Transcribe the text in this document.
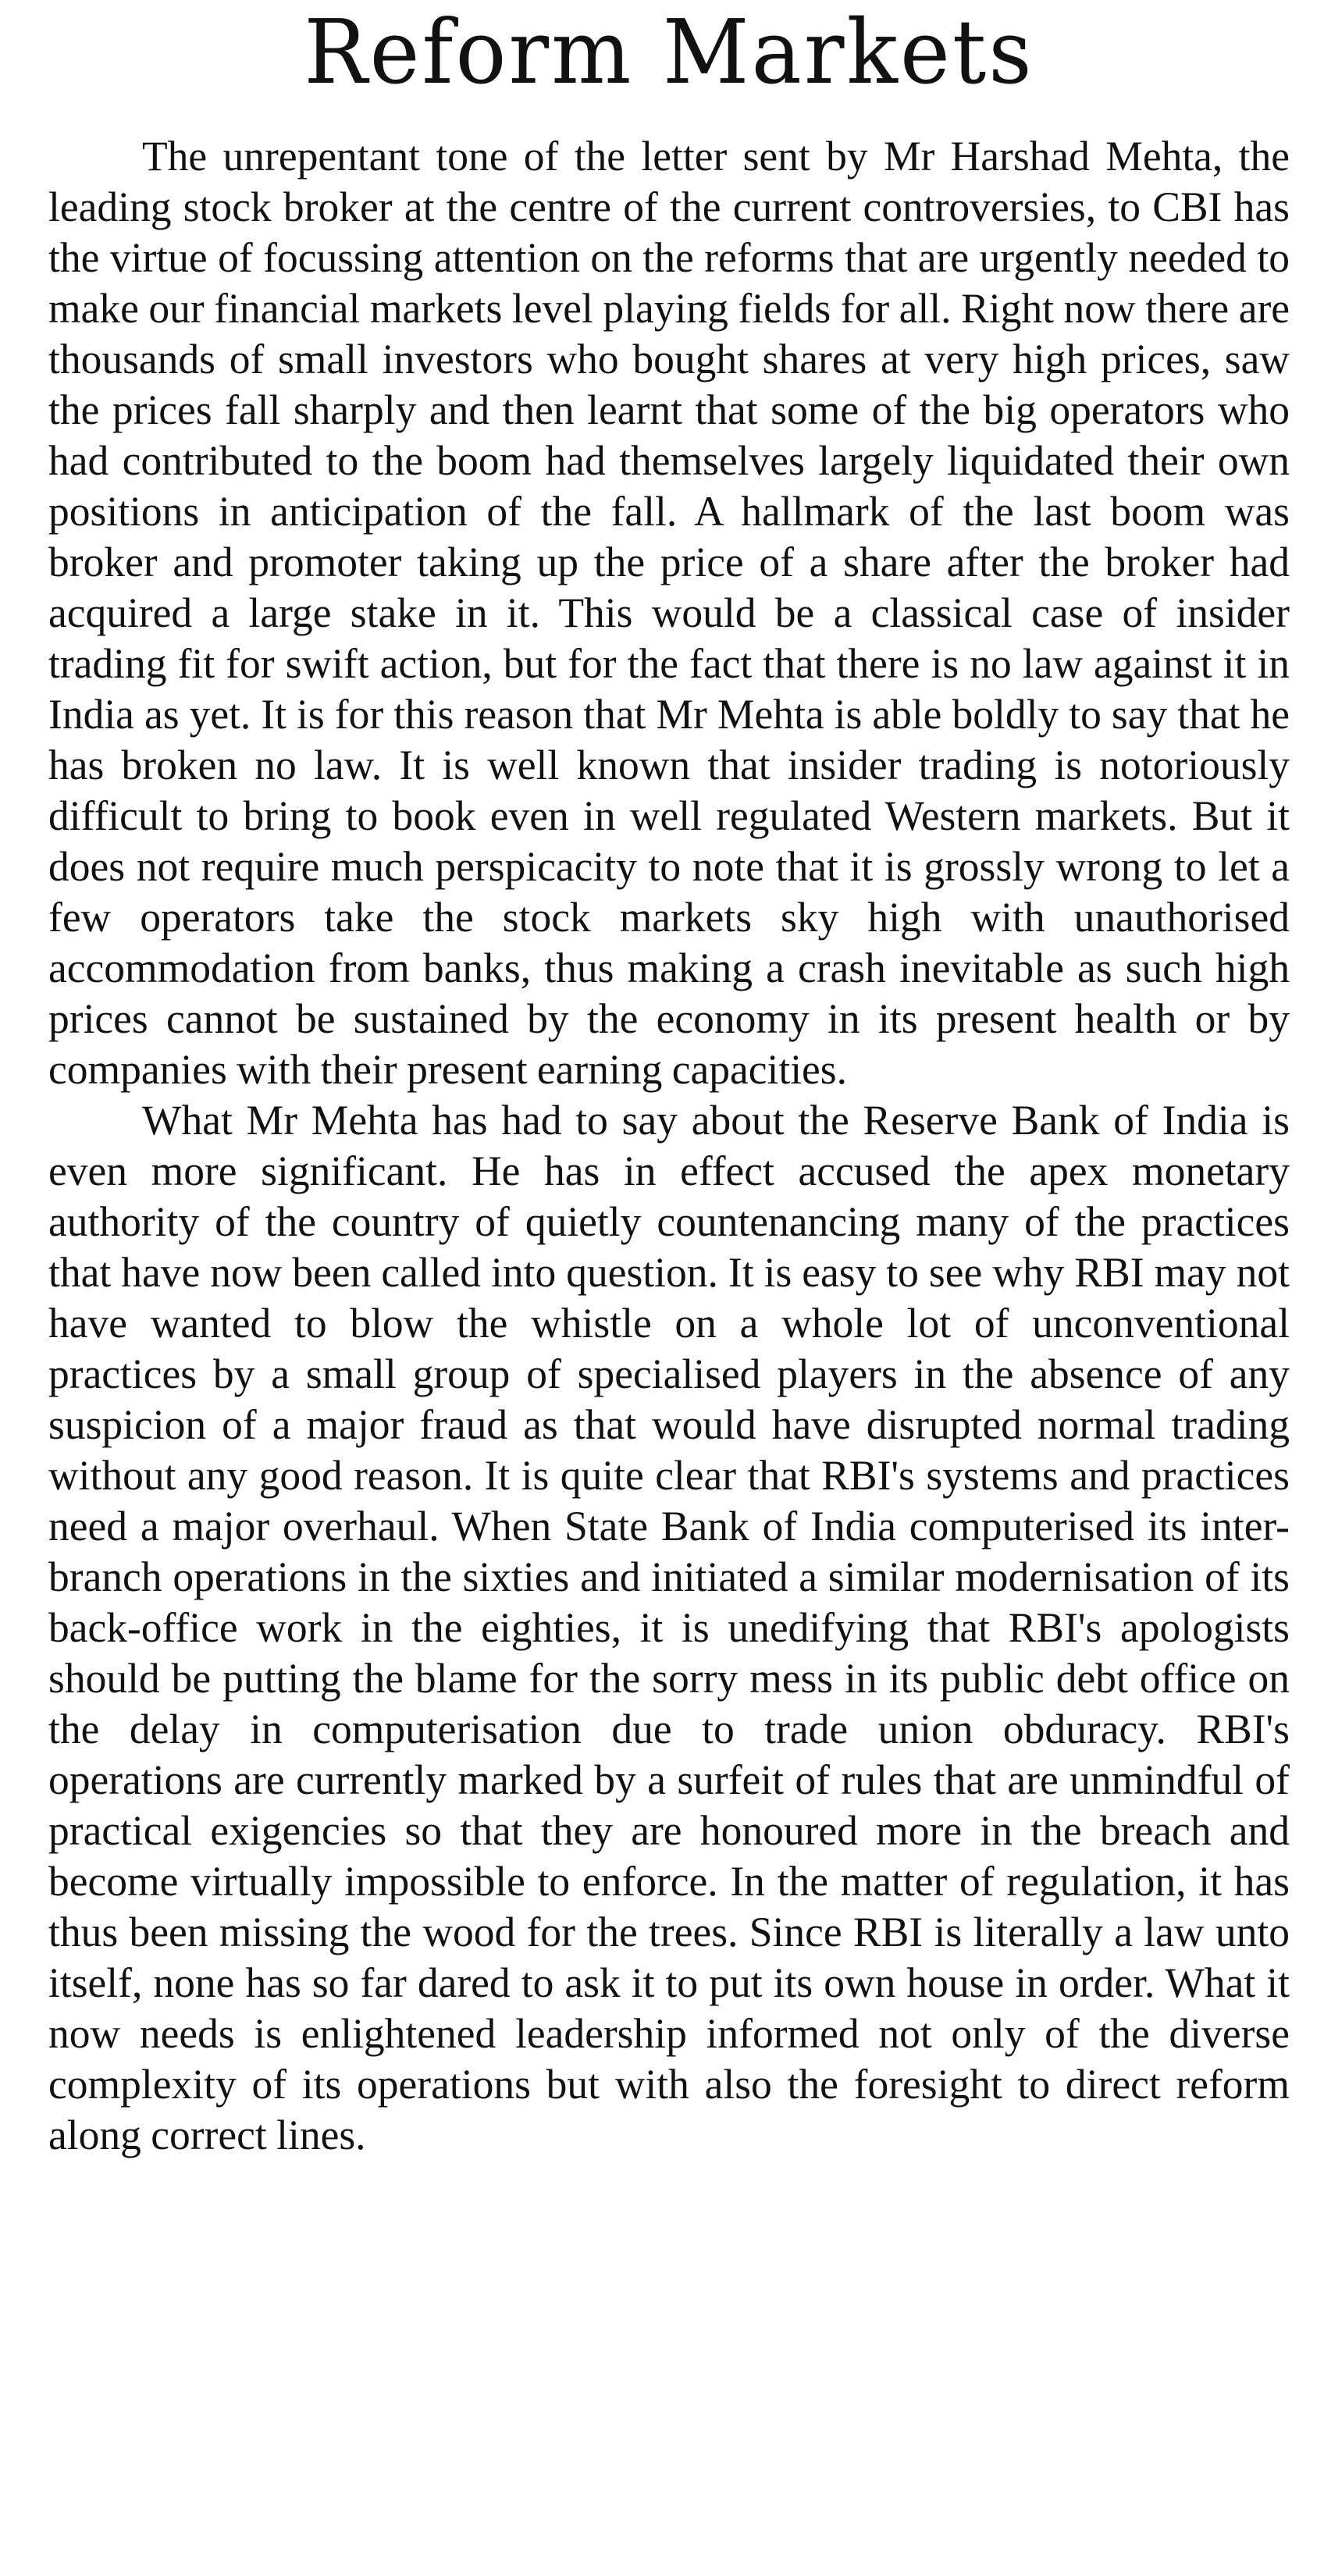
Reform Markets

The unrepentant tone of the letter sent by Mr Harshad Mehta, the leading stock broker at the centre of the current controversies, to CBI has the virtue of focussing attention on the reforms that are urgently needed to make our financial markets level playing fields for all. Right now there are thousands of small investors who bought shares at very high prices, saw the prices fall sharply and then learnt that some of the big operators who had contributed to the boom had themselves largely liquidated their own positions in anticipation of the fall. A hallmark of the last boom was broker and promoter taking up the price of a share after the broker had acquired a large stake in it. This would be a classical case of insider trading fit for swift action, but for the fact that there is no law against it in India as yet. It is for this reason that Mr Mehta is able boldly to say that he has broken no law. It is well known that insider trading is notoriously difficult to bring to book even in well regulated Western markets. But it does not require much perspicacity to note that it is grossly wrong to let a few operators take the stock markets sky high with unauthorised accommodation from banks, thus making a crash inevitable as such high prices cannot be sustained by the economy in its present health or by companies with their present earning capacities.

What Mr Mehta has had to say about the Reserve Bank of India is even more significant. He has in effect accused the apex monetary authority of the country of quietly countenancing many of the practices that have now been called into question. It is easy to see why RBI may not have wanted to blow the whistle on a whole lot of unconventional practices by a small group of specialised players in the absence of any suspicion of a major fraud as that would have disrupted normal trading without any good reason. It is quite clear that RBI's systems and practices need a major overhaul. When State Bank of India computerised its inter-branch operations in the sixties and initiated a similar modernisation of its back-office work in the eighties, it is unedifying that RBI's apologists should be putting the blame for the sorry mess in its public debt office on the delay in computerisation due to trade union obduracy. RBI's operations are currently marked by a surfeit of rules that are unmindful of practical exigencies so that they are honoured more in the breach and become virtually impossible to enforce. In the matter of regulation, it has thus been missing the wood for the trees. Since RBI is literally a law unto itself, none has so far dared to ask it to put its own house in order. What it now needs is enlightened leadership informed not only of the diverse complexity of its operations but with also the foresight to direct reform along correct lines.
